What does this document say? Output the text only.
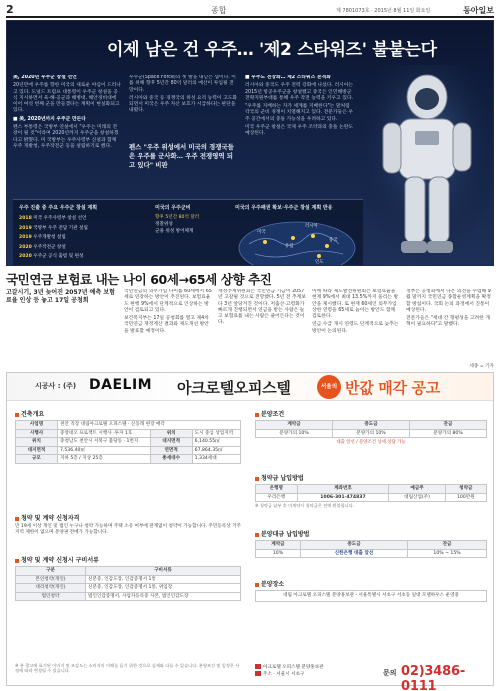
2	종합	제 7801073호 · 2015년 8월 11일 화요일	동아일보
이제 남은 건 우주… '제2 스타워즈' 불붙는다

美, 2020년 우주군 창설 선언

20년만에 우주를 향한 미국의 새로운 야심이 드러나고 있다. 도널드 트럼프 대통령이 우주군 창설을 공식 지시하면서 육·해·공군과 해병대, 해안경비대에 이어 여섯 번째 군을 만들겠다는 계획이 현실화되고 있다.

■ 美, 2020년까지 우주군 만든다

펜스 부통령은 국방부 연설에서 "우주는 미래의 전장이 될 것"이라며 2020년까지 우주군을 창설하겠다고 밝혔다. 미 국방부는 우주사령부 신설과 함께 우주 개발청, 우주작전군 등을 설립하기로 했다.

우주군(Space Force)의 첫 발을 내딛는 셈이다. 이를 위해 향후 5년간 80억 달러의 예산이 투입될 전망이다.

러시아와 중국 등 경쟁국의 위성 요격 능력이 고도화되면서 미국은 우주 자산 보호가 시급하다는 판단을 내렸다.

펜스 "우주 위성에서 미국의 경쟁국들은 우주를 군사화… 우주 전쟁영역 되고 있다" 비판

■ 우주도 전장화… 제2 스타워즈 본격화

러시아와 중국도 우주 전력 강화에 나섰다. 러시아는 2015년 항공우주군을 창설했고 중국은 인민해방군 전략지원부대를 통해 우주 작전 능력을 키우고 있다.

"우주를 지배하는 자가 세계를 지배한다"는 말처럼 각국의 군비 경쟁이 치열해지고 있다. 전문가들은 우주 공간에서의 충돌 가능성을 우려하고 있다.

미국 우주군 창설은 국제 우주 조약과의 충돌 논란도 예상된다.

우주 진출 중 주요 우주군 창설 계획
2018 미국 우주사령부 창설 선언
2019 국방부 우주 전담 기관 설립
2019 우주개발청 설립
2020 우주작전군 창설
2020 우주군 공식 출범 및 편성
미국의 우주군비
향후 5년간 80억 달러
정찰위성
군용 위성 방어체계
미국의 우주패권 확보·우주군 창설 계획 반응
미국
러시아
중국
유럽
인도
국민연금 보험료 내는 나이 60세→65세 상향 추진
고갈시기, 3년 늦어진 2057년 예측 보험료율 인상 등 놓고 17일 공청회

국민연금의 의무가입 나이를 60세에서 65세로 연장하는 방안이 추진된다. 보험료율도 현행 9%에서 단계적으로 인상하는 방안이 검토되고 있다.

보건복지부는 17일 공청회를 열고 제4차 국민연금 재정계산 결과와 제도개선 방안을 발표할 예정이다.

재정추계위원회는 국민연금 기금이 2057년 고갈될 것으로 전망했다. 5년 전 추계보다 3년 앞당겨진 것이다. 저출산·고령화가 빠르게 진행되면서 연금을 받는 사람은 늘고 보험료를 내는 사람은 줄어든다는 것이다.

이에 따라 제도발전위원회는 보험료율을 현재 9%에서 최대 13.5%까지 올리는 방안을 제시했다. 또 현재 60세인 의무가입 상한 연령을 65세로 높이는 방안도 함께 검토한다.

연금 수급 개시 연령도 단계적으로 늦추는 방안이 논의된다.

정부는 공청회에서 나온 의견을 수렴해 9월 말까지 국민연금 종합운영계획을 확정할 방침이다. 국회 논의 과정에서 진통이 예상된다.

전문가들은 "세대 간 형평성을 고려한 개혁이 필요하다"고 말했다.

세종 = 기자
시공사 : (주) DAELIM 아크로텔오피스텔	서울의 반값 매각 공고
건축개요
사업명	천안 직장 대림아크로텔 오피스텔 · 신동래 현장 매각		
시행사	중앙네오 프로젝트 시행사 ·투자 1호	위치	도시 중심 상업지역
위치	충청남도 천안시 서북구 불당동 · 1번지	대지면적	6,140.55㎡
대지면적	7,536.40㎡	연면적	67,864.35㎡
규모	지하 5층 / 지상 25층	총세대수	1,334세대
분양조건
계약금	중도금	잔금
분양가의 10%	분양가의 10%	분양가의 80%
대출 알선 / 분양조건 상세 상담 가능
청약금 납입방법
은행명	계좌번호	예금주	청약금
우리은행	1006-301-474837	대림산업(주)	100만원
※ 청약금 납부 후 미계약시 청약금은 전액 환불합니다.
분양대금 납입방법
계약금	중도금	잔금
10%	신한은행 대출 알선	10% ~ 15%
청약 및 계약 신청자격
만 19세 이상 개인 및 법인 누구나 청약 가능하며 주택 소유 여부에 관계없이 청약이 가능합니다. 주민등록상 거주지역 제한이 없으며 분양권 전매가 가능합니다.
분양장소
대림 아크로텔 오피스텔 분양홍보관 · 서울특별시 서초구 서초동 일대 모델하우스 운영중
청약 및 계약 신청시 구비서류
구분	구비서류
본인청약(개인)	신분증, 인감도장, 인감증명서 1통
대리청약(개인)	신분증, 인감도장, 인감증명서 1통, 위임장
법인청약	법인인감증명서, 사업자등록증 사본, 법인인감도장
※ 본 광고에 표기된 이미지 및 조감도는 소비자의 이해를 돕기 위한 것으로 실제와 다를 수 있습니다. 분양조건 및 일정은 사정에 따라 변경될 수 있습니다.
아크로텔 오피스텔 분양홍보관
주소 · 서울시 서초구	문의 02)3486-0111
